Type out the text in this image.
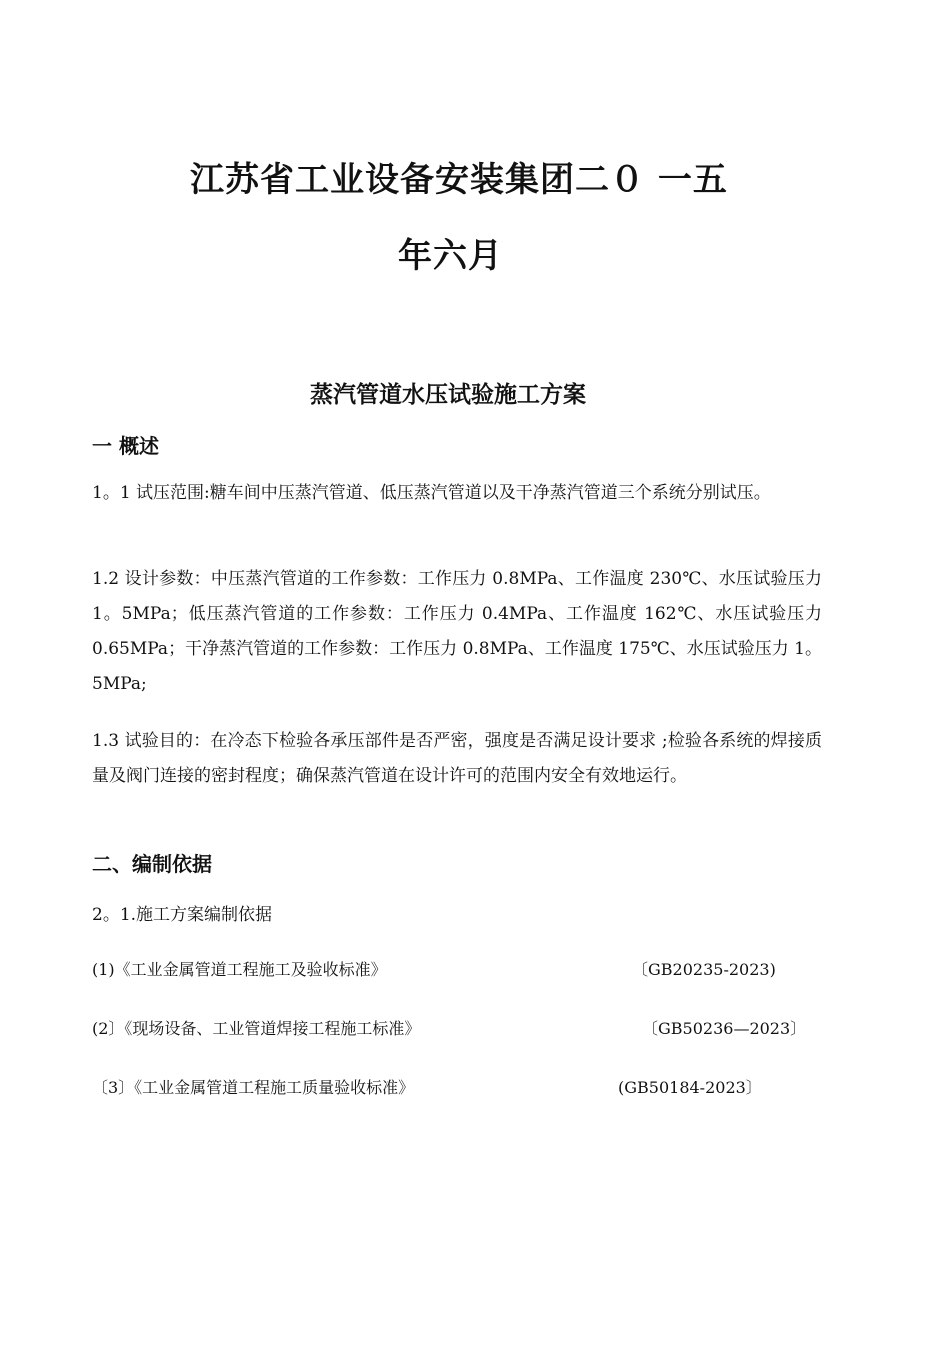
江苏省工业设备安装集团二０ 一五
年六月
蒸汽管道水压试验施工方案
一 概述

1。1 试压范围:糖车间中压蒸汽管道、低压蒸汽管道以及干净蒸汽管道三个系统分别试压。

1.2 设计参数：中压蒸汽管道的工作参数：工作压力 0.8MPa、工作温度 230℃、水压试验压力 1。5MPa；低压蒸汽管道的工作参数：工作压力 0.4MPa、工作温度 162℃、水压试验压力 0.65MPa；干净蒸汽管道的工作参数：工作压力 0.8MPa、工作温度 175℃、水压试验压力 1。5MPa;

1.3 试验目的：在冷态下检验各承压部件是否严密，强度是否满足设计要求 ;检验各系统的焊接质量及阀门连接的密封程度；确保蒸汽管道在设计许可的范围内安全有效地运行。

二、编制依据
2。1.施工方案编制依据
(1)《工业金属管道工程施工及验收标准》	〔GB20235-2023)
(2〕《现场设备、工业管道焊接工程施工标准》	〔GB50236—2023〕
〔3〕《工业金属管道工程施工质量验收标准》	(GB50184-2023〕
